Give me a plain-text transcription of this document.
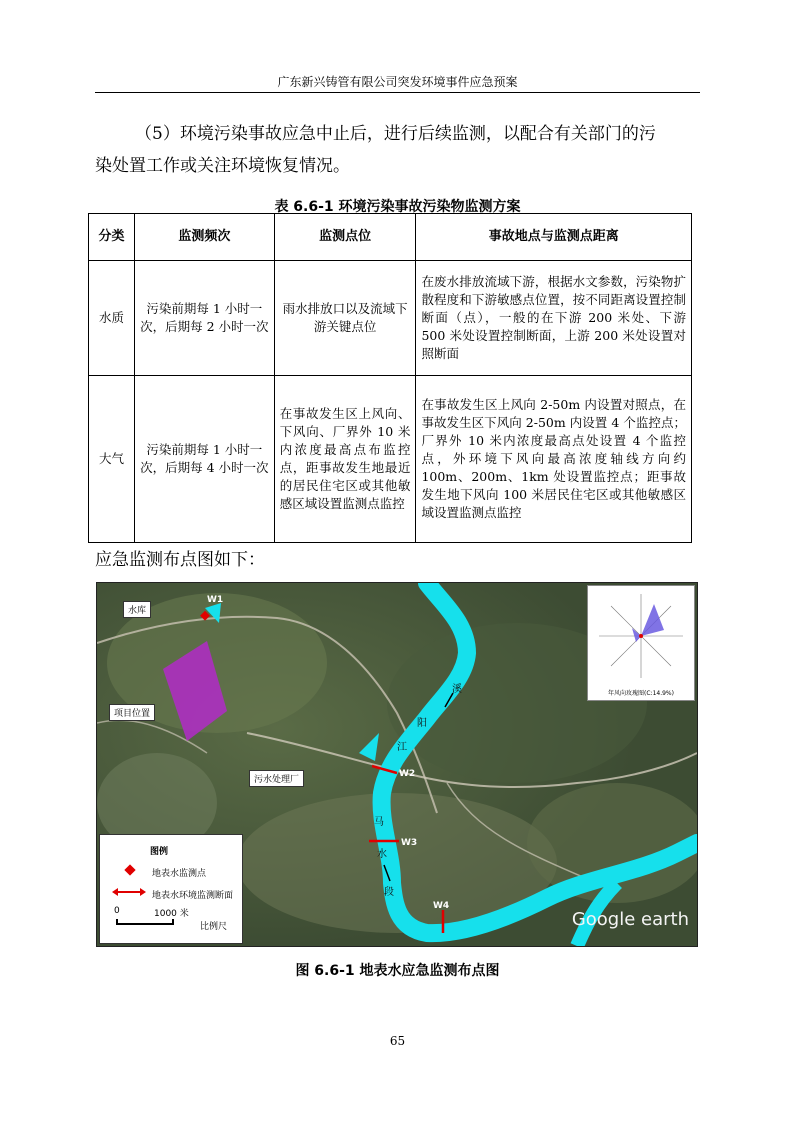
广东新兴铸管有限公司突发环境事件应急预案
（5）环境污染事故应急中止后，进行后续监测，以配合有关部门的污
染处置工作或关注环境恢复情况。
表 6.6-1 环境污染事故污染物监测方案
分类	监测频次	监测点位	事故地点与监测点距离
水质	污染前期每 1 小时一次，后期每 2 小时一次	雨水排放口以及流域下游关键点位	在废水排放流域下游，根据水文参数，污染物扩散程度和下游敏感点位置，按不同距离设置控制断面（点），一般的在下游 200 米处、下游 500 米处设置控制断面，上游 200 米处设置对照断面
大气	污染前期每 1 小时一次，后期每 4 小时一次	在事故发生区上风向、下风向、厂界外 10 米内浓度最高点布监控点，距事故发生地最近的居民住宅区或其他敏感区域设置监测点监控	在事故发生区上风向 2-50m 内设置对照点，在事故发生区下风向 2-50m 内设置 4 个监控点；厂界外 10 米内浓度最高点处设置 4 个监控点，外环境下风向最高浓度轴线方向约 100m、200m、1km 处设置监控点；距事故发生地下风向 100 米居民住宅区或其他敏感区域设置监测点监控
应急监测布点图如下：
水库
项目位置
污水处理厂
W1
W2
W3
W4
溪
阳
江
马
水
段
年风向玫瑰图(C:14.9%)
Google earth
图例
地表水监测点
地表水环境监测断面
0	1000 米
比例尺
图 6.6-1 地表水应急监测布点图
65
